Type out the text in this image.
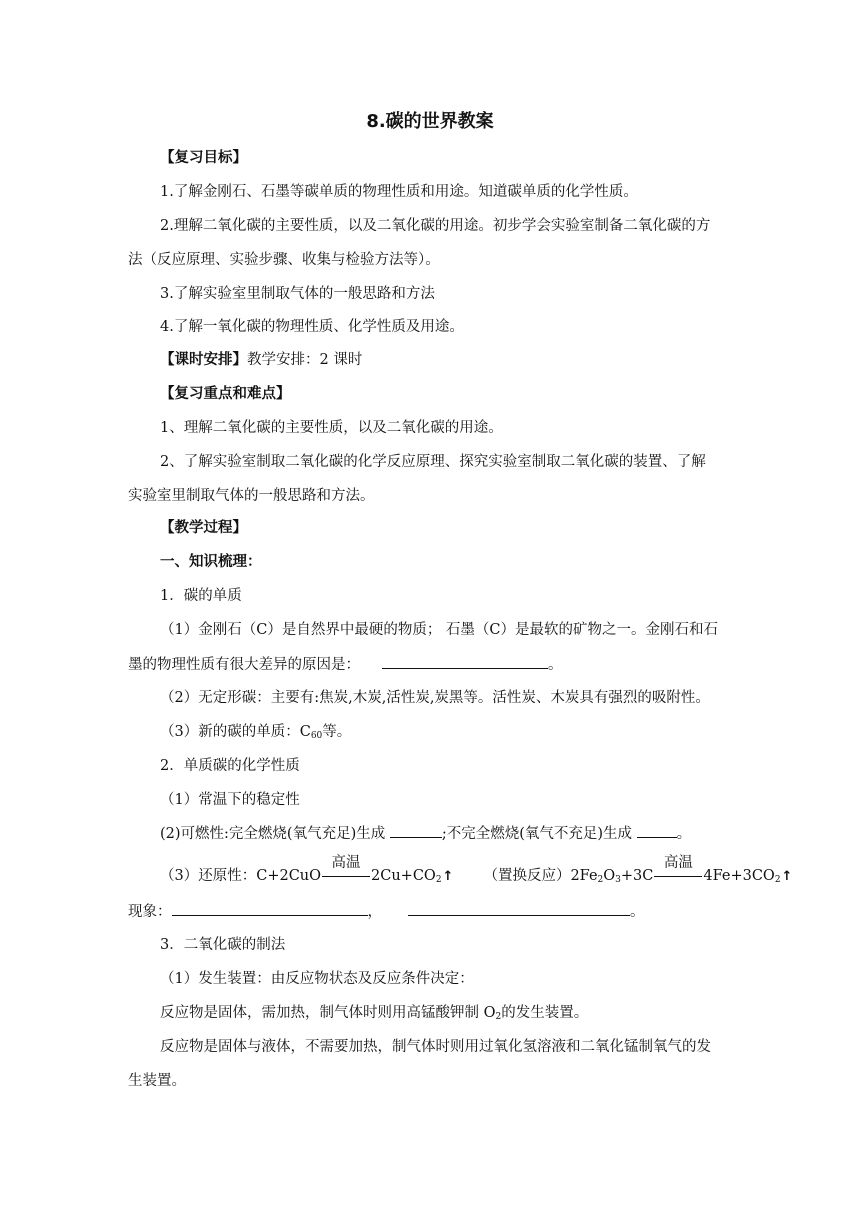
8.碳的世界教案
【复习目标】
1.了解金刚石、石墨等碳单质的物理性质和用途。知道碳单质的化学性质。
2.理解二氧化碳的主要性质，以及二氧化碳的用途。初步学会实验室制备二氧化碳的方
法（反应原理、实验步骤、收集与检验方法等）。
3.了解实验室里制取气体的一般思路和方法
4.了解一氧化碳的物理性质、化学性质及用途。
【课时安排】教学安排：2 课时
【复习重点和难点】
1、理解二氧化碳的主要性质，以及二氧化碳的用途。
2、了解实验室制取二氧化碳的化学反应原理、探究实验室制取二氧化碳的装置、了解
实验室里制取气体的一般思路和方法。
【教学过程】
一、知识梳理：
1．碳的单质
（1）金刚石（C）是自然界中最硬的物质； 石墨（C）是最软的矿物之一。金刚石和石
墨的物理性质有很大差异的原因是：	。
（2）无定形碳：主要有:焦炭,木炭,活性炭,炭黑等。活性炭、木炭具有强烈的吸附性。
（3）新的碳的单质：$C_{60}$等。
2．单质碳的化学性质
（1）常温下的稳定性
(2)可燃性:完全燃烧(氧气充足)生成	;不完全燃烧(氧气不充足)生成	。
（3）还原性：C+2CuO
高温
$2Cu+CO_2↑$ （置换反应）$2Fe_2O_3+3C$
高温
$4Fe+3CO_2↑$
现象：	，	。
3．二氧化碳的制法
（1）发生装置：由反应物状态及反应条件决定：
反应物是固体，需加热，制气体时则用高锰酸钾制 $O_2$的发生装置。
反应物是固体与液体，不需要加热，制气体时则用过氧化氢溶液和二氧化锰制氧气的发
生装置。
